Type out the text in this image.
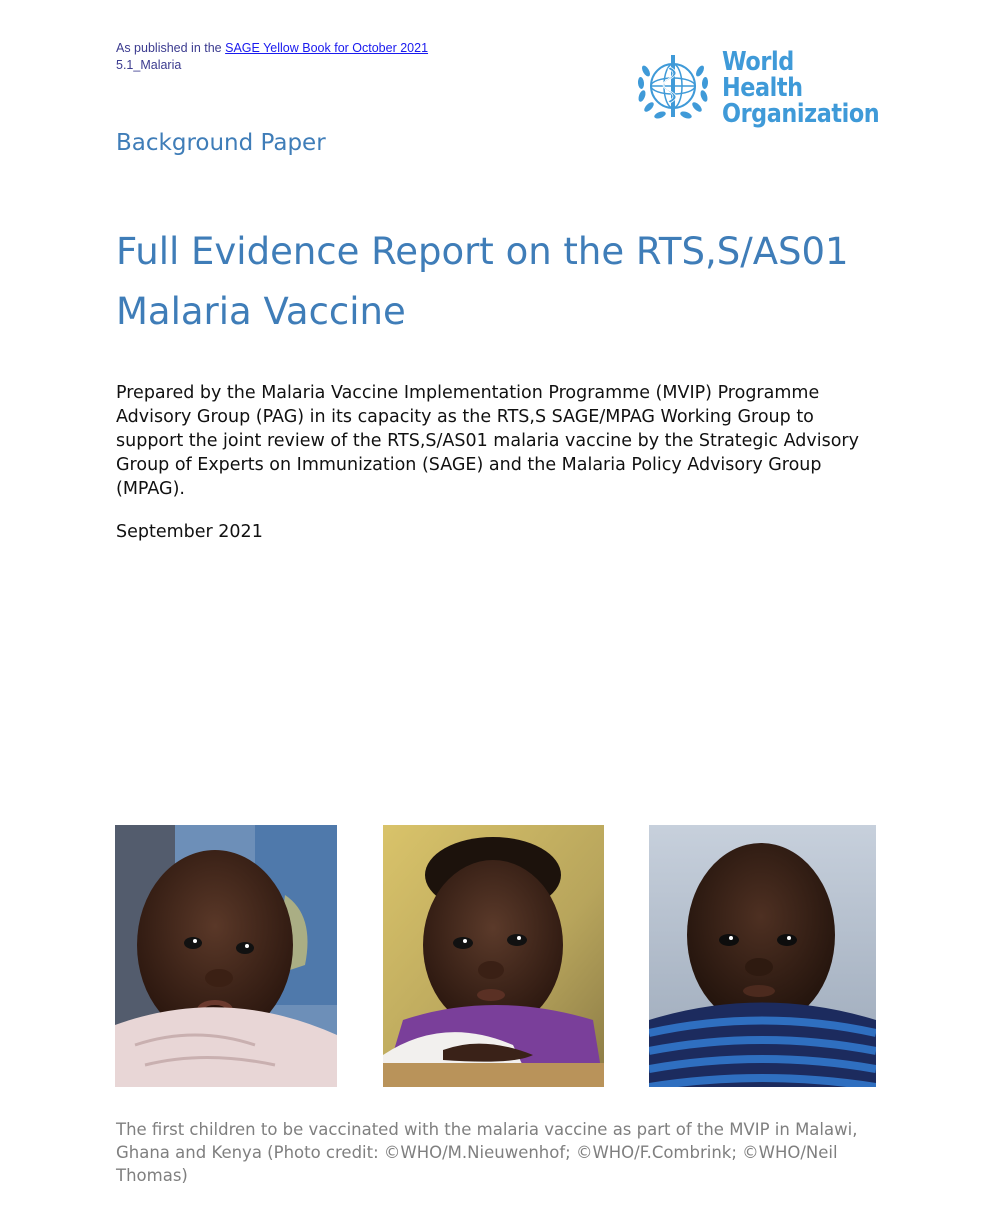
As published in the SAGE Yellow Book for October 2021
5.1_Malaria	World Health
Organization
Background Paper
Full Evidence Report on the RTS,S/AS01
Malaria Vaccine

Prepared by the Malaria Vaccine Implementation Programme (MVIP) Programme Advisory Group (PAG) in its capacity as the RTS,S SAGE/MPAG Working Group to support the joint review of the RTS,S/AS01 malaria vaccine by the Strategic Advisory Group of Experts on Immunization (SAGE) and the Malaria Policy Advisory Group (MPAG).

September 2021

The first children to be vaccinated with the malaria vaccine as part of the MVIP in Malawi, Ghana and Kenya (Photo credit: ©WHO/M.Nieuwenhof; ©WHO/F.Combrink; ©WHO/Neil Thomas)
